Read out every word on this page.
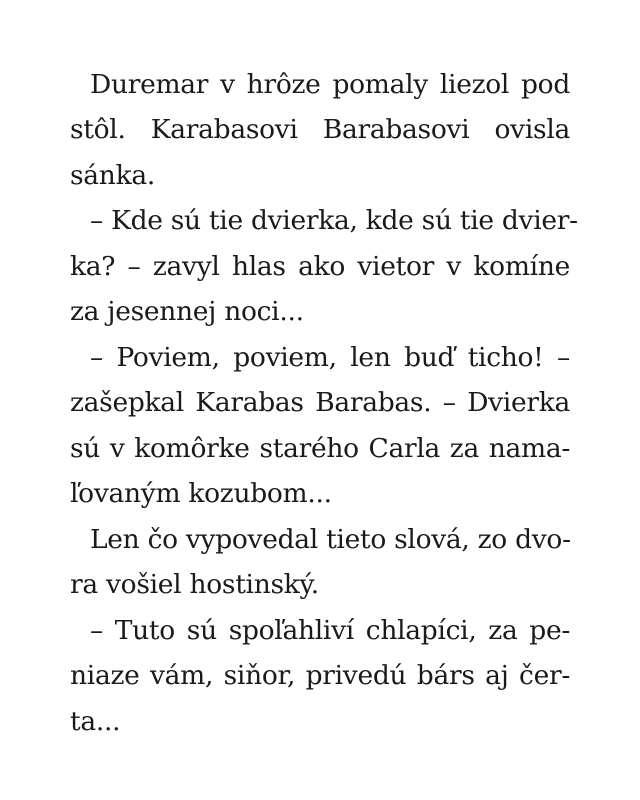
Duremar v hrôze pomaly liezol pod
stôl. Karabasovi Barabasovi ovisla
sánka.
– Kde sú tie dvierka, kde sú tie dvier-
ka? – zavyl hlas ako vietor v komíne
za jesennej noci...
– Poviem, poviem, len buď ticho! –
zašepkal Karabas Barabas. – Dvierka
sú v komôrke starého Carla za nama-
ľovaným kozubom...
Len čo vypovedal tieto slová, zo dvo-
ra vošiel hostinský.
– Tuto sú spoľahliví chlapíci, za pe-
niaze vám, siňor, privedú bárs aj čer-
ta...
